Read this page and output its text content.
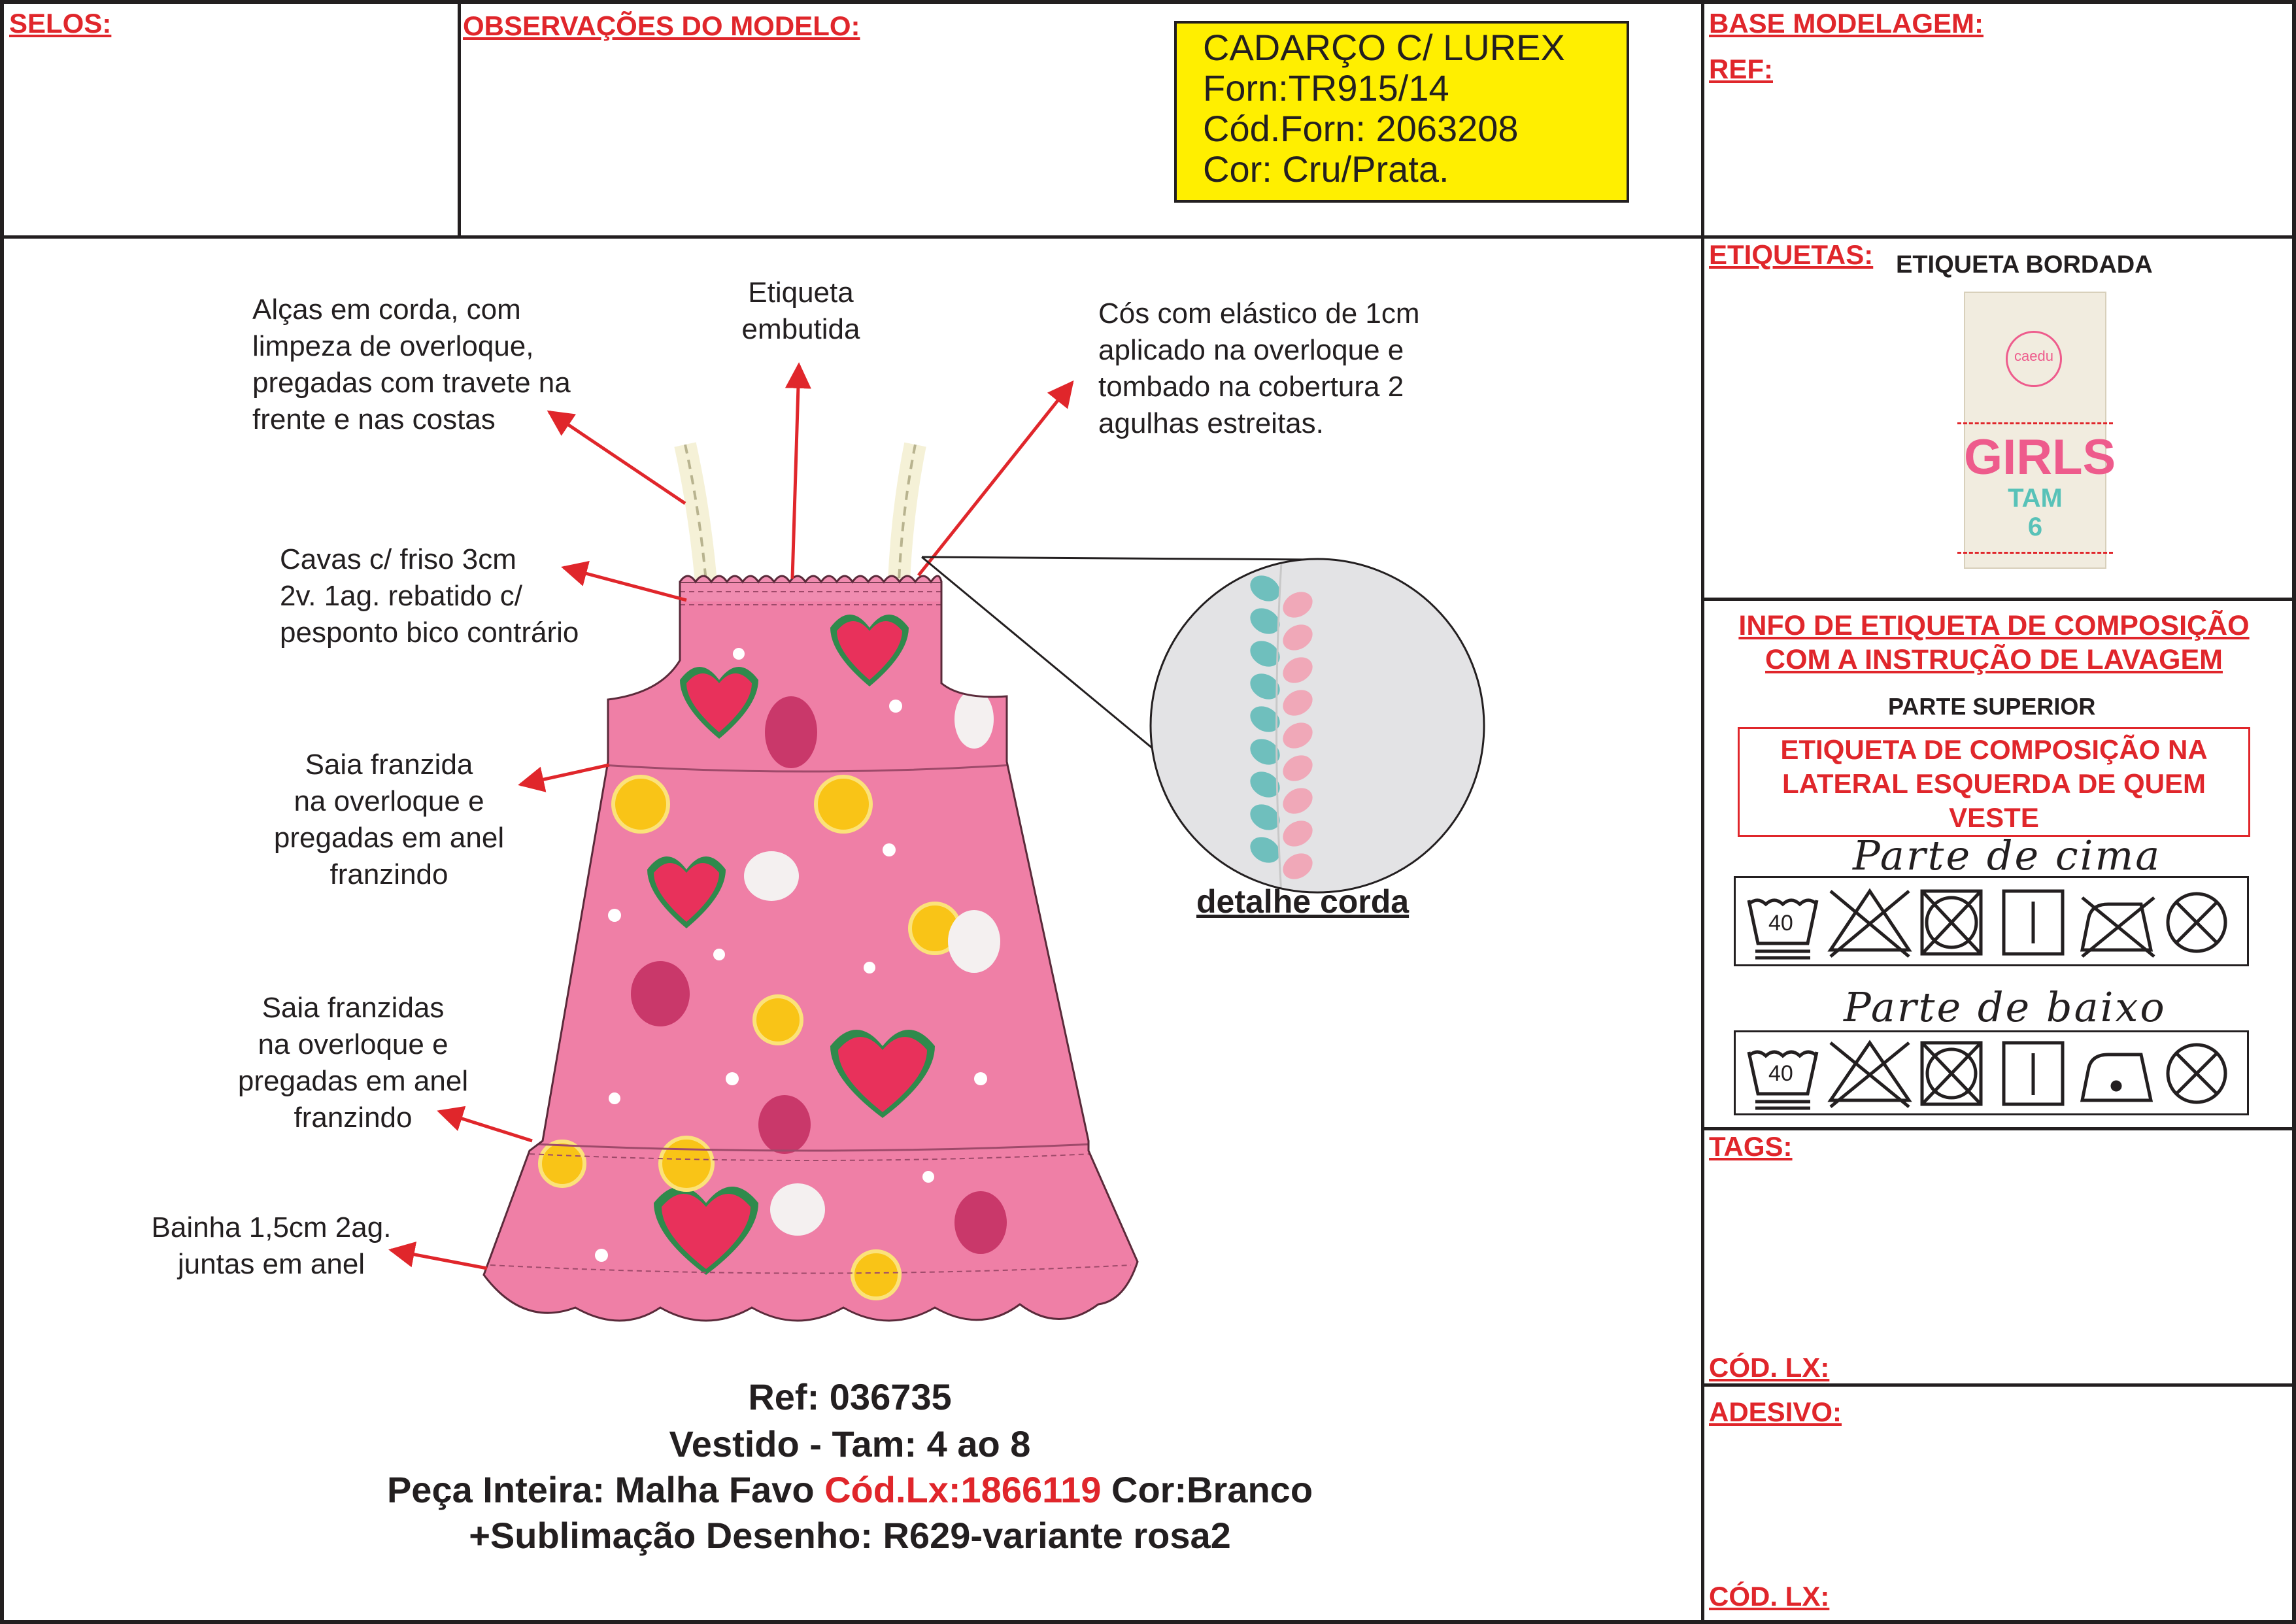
SELOS:	OBSERVAÇÕES DO MODELO:	BASE MODELAGEM:
REF:
CADARÇO C/ LUREX
Forn:TR915/14
Cód.Forn: 2063208
Cor: Cru/Prata.
Alças em corda, com
limpeza de overloque,
pregadas com travete na
frente e nas costas
Etiqueta
embutida	Cós com elástico de 1cm
aplicado na overloque e
tombado na cobertura 2
agulhas estreitas.
Cavas c/ friso 3cm
2v. 1ag. rebatido c/
pesponto bico contrário
Saia franzida
na overloque e
pregadas em anel
franzindo
Saia franzidas
na overloque e
pregadas em anel
franzindo
Bainha 1,5cm 2ag.
juntas em anel
detalhe corda
Ref: 036735
Vestido - Tam: 4 ao 8
Peça Inteira: Malha Favo Cód.Lx:1866119 Cor:Branco
+Sublimação Desenho: R629-variante rosa2
ETIQUETAS: ETIQUETA BORDADA
caedu
GIRLS
TAM
6
INFO DE ETIQUETA DE COMPOSIÇÃO
COM A INSTRUÇÃO DE LAVAGEM
PARTE SUPERIOR
ETIQUETA DE COMPOSIÇÃO NA
LATERAL ESQUERDA DE QUEM
VESTE
Parte de cima
40
Parte de baixo
40
TAGS:
CÓD. LX:
ADESIVO:
CÓD. LX:
